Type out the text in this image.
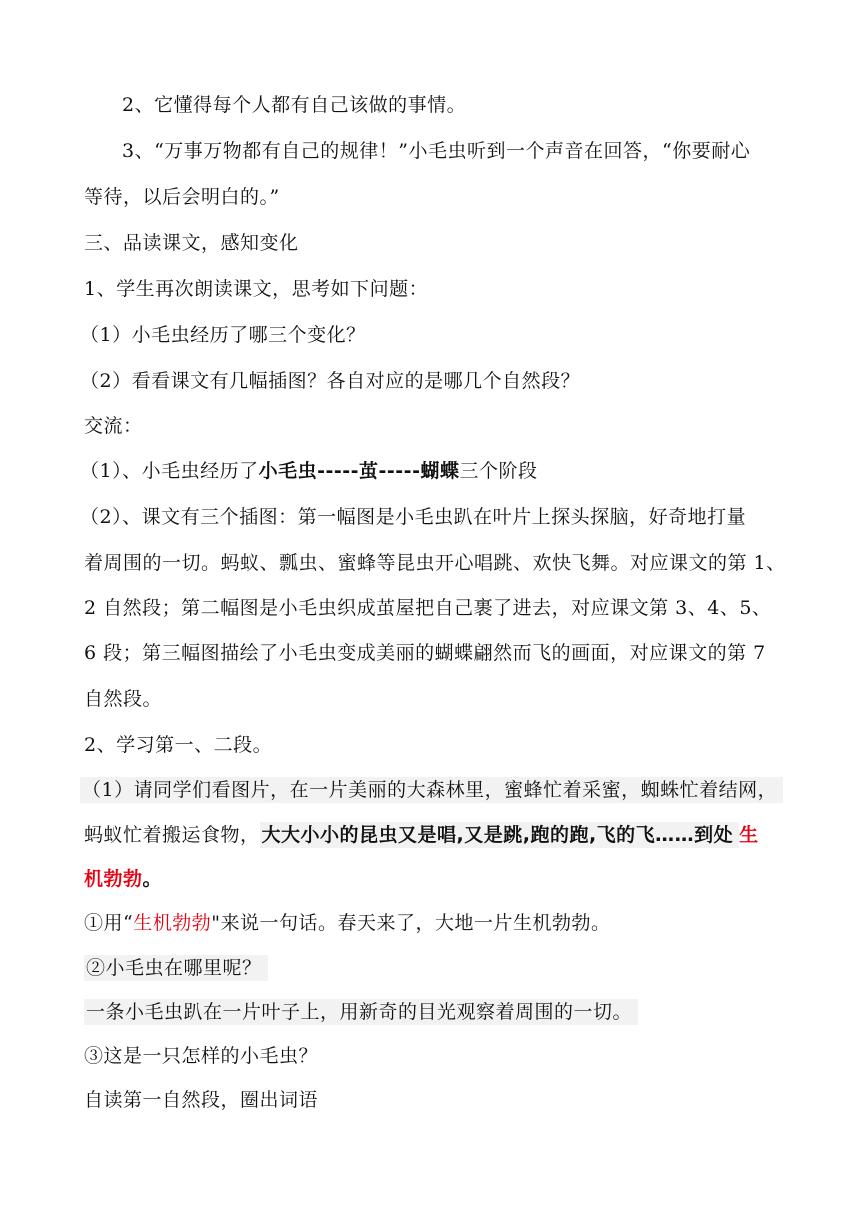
2、它懂得每个人都有自己该做的事情。
3、“万事万物都有自己的规律！”小毛虫听到一个声音在回答，“你要耐心
等待，以后会明白的。”
三、品读课文，感知变化
1、学生再次朗读课文，思考如下问题：
（1）小毛虫经历了哪三个变化？
（2）看看课文有几幅插图？各自对应的是哪几个自然段？
交流：
（1）、小毛虫经历了小毛虫-----茧-----蝴蝶三个阶段
（2）、课文有三个插图：第一幅图是小毛虫趴在叶片上探头探脑，好奇地打量
着周围的一切。蚂蚁、瓢虫、蜜蜂等昆虫开心唱跳、欢快飞舞。对应课文的第 1、
2 自然段；第二幅图是小毛虫织成茧屋把自己裹了进去，对应课文第 3、4、5、
6 段；第三幅图描绘了小毛虫变成美丽的蝴蝶翩然而飞的画面，对应课文的第 7
自然段。
2、学习第一、二段。
（1）请同学们看图片，在一片美丽的大森林里，蜜蜂忙着采蜜，蜘蛛忙着结网，
蚂蚁忙着搬运食物， 大大小小的昆虫又是唱,又是跳,跑的跑,飞的飞……到处 生
机勃勃。
①用“生机勃勃"来说一句话。春天来了，大地一片生机勃勃。
②小毛虫在哪里呢？
一条小毛虫趴在一片叶子上，用新奇的目光观察着周围的一切。
③这是一只怎样的小毛虫？
自读第一自然段，圈出词语
